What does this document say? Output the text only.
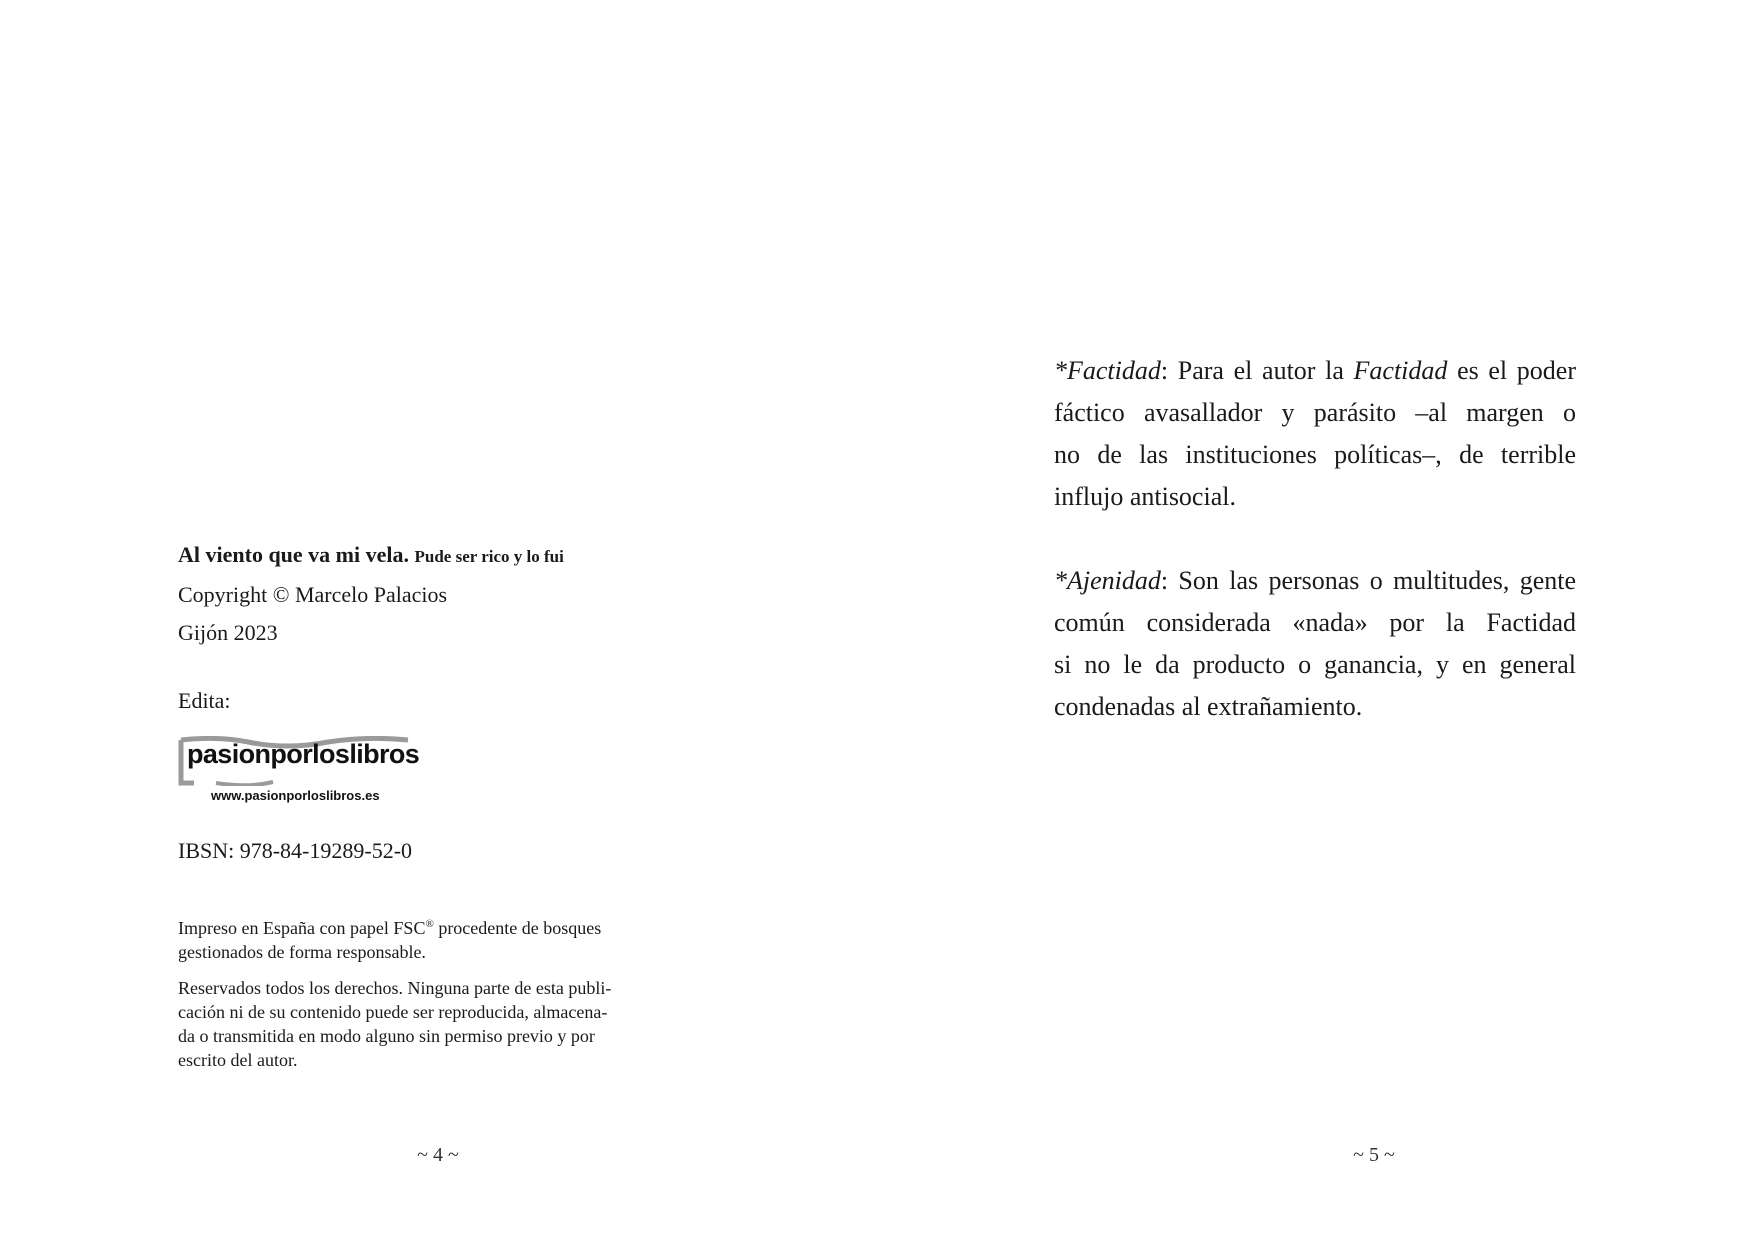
Al viento que va mi vela. Pude ser rico y lo fui

Copyright © Marcelo Palacios

Gijón 2023

Edita:

pasionporloslibros
www.pasionporloslibros.es

IBSN: 978-84-19289-52-0

Impreso en España con papel FSC® procedente de bosques
gestionados de forma responsable.

Reservados todos los derechos. Ninguna parte de esta publi-
cación ni de su contenido puede ser reproducida, almacena-
da o transmitida en modo alguno sin permiso previo y por
escrito del autor.

~ 4 ~
*Factidad: Para el autor la Factidad es el poder
fáctico avasallador y parásito –al margen o
no de las instituciones políticas–, de terrible
influjo antisocial.
*Ajenidad: Son las personas o multitudes, gente
común considerada «nada» por la Factidad
si no le da producto o ganancia, y en general
condenadas al extrañamiento.
~ 5 ~
